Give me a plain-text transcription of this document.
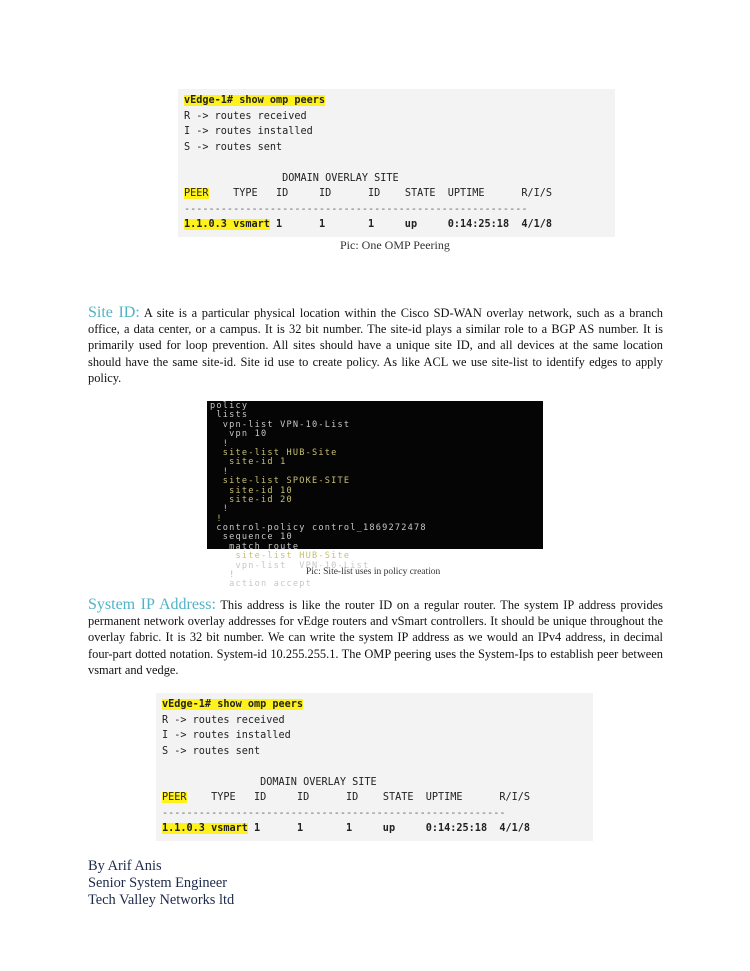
vEdge-1# show omp peers
R -> routes received
I -> routes installed
S -> routes sent
DOMAIN OVERLAY SITE
PEER    TYPE   ID     ID      ID    STATE  UPTIME      R/I/S
--------------------------------------------------------
1.1.0.3 vsmart 1      1       1     up     0:14:25:18  4/1/8
Pic: One OMP Peering
Site ID: A site is a particular physical location within the Cisco SD-WAN overlay network, such as a branch office, a data center, or a campus. It is 32 bit number. The site-id plays a similar role to a BGP AS number. It is primarily used for loop prevention. All sites should have a unique site ID, and all devices at the same location should have the same site-id. Site id use to create policy. As like ACL we use site-list to identify edges to apply policy.
policy
lists
vpn-list VPN-10-List
vpn 10
!
site-list HUB-Site
site-id 1
!
site-list SPOKE-SITE
site-id 10
site-id 20
!
!
control-policy control_1869272478
sequence 10
match route
site-list HUB-Site
vpn-list  VPN-10-List
!
action accept
Pic: Site-list uses in policy creation
System IP Address: This address is like the router ID on a regular router. The system IP address provides permanent network overlay addresses for vEdge routers and vSmart controllers. It should be unique throughout the overlay fabric. It is 32 bit number. We can write the system IP address as we would an IPv4 address, in decimal four-part dotted notation. System-id 10.255.255.1. The OMP peering uses the System-Ips to establish peer between vsmart and vedge.
vEdge-1# show omp peers
R -> routes received
I -> routes installed
S -> routes sent
DOMAIN OVERLAY SITE
PEER    TYPE   ID     ID      ID    STATE  UPTIME      R/I/S
--------------------------------------------------------
1.1.0.3 vsmart 1      1       1     up     0:14:25:18  4/1/8
By Arif Anis
Senior System Engineer
Tech Valley Networks ltd
